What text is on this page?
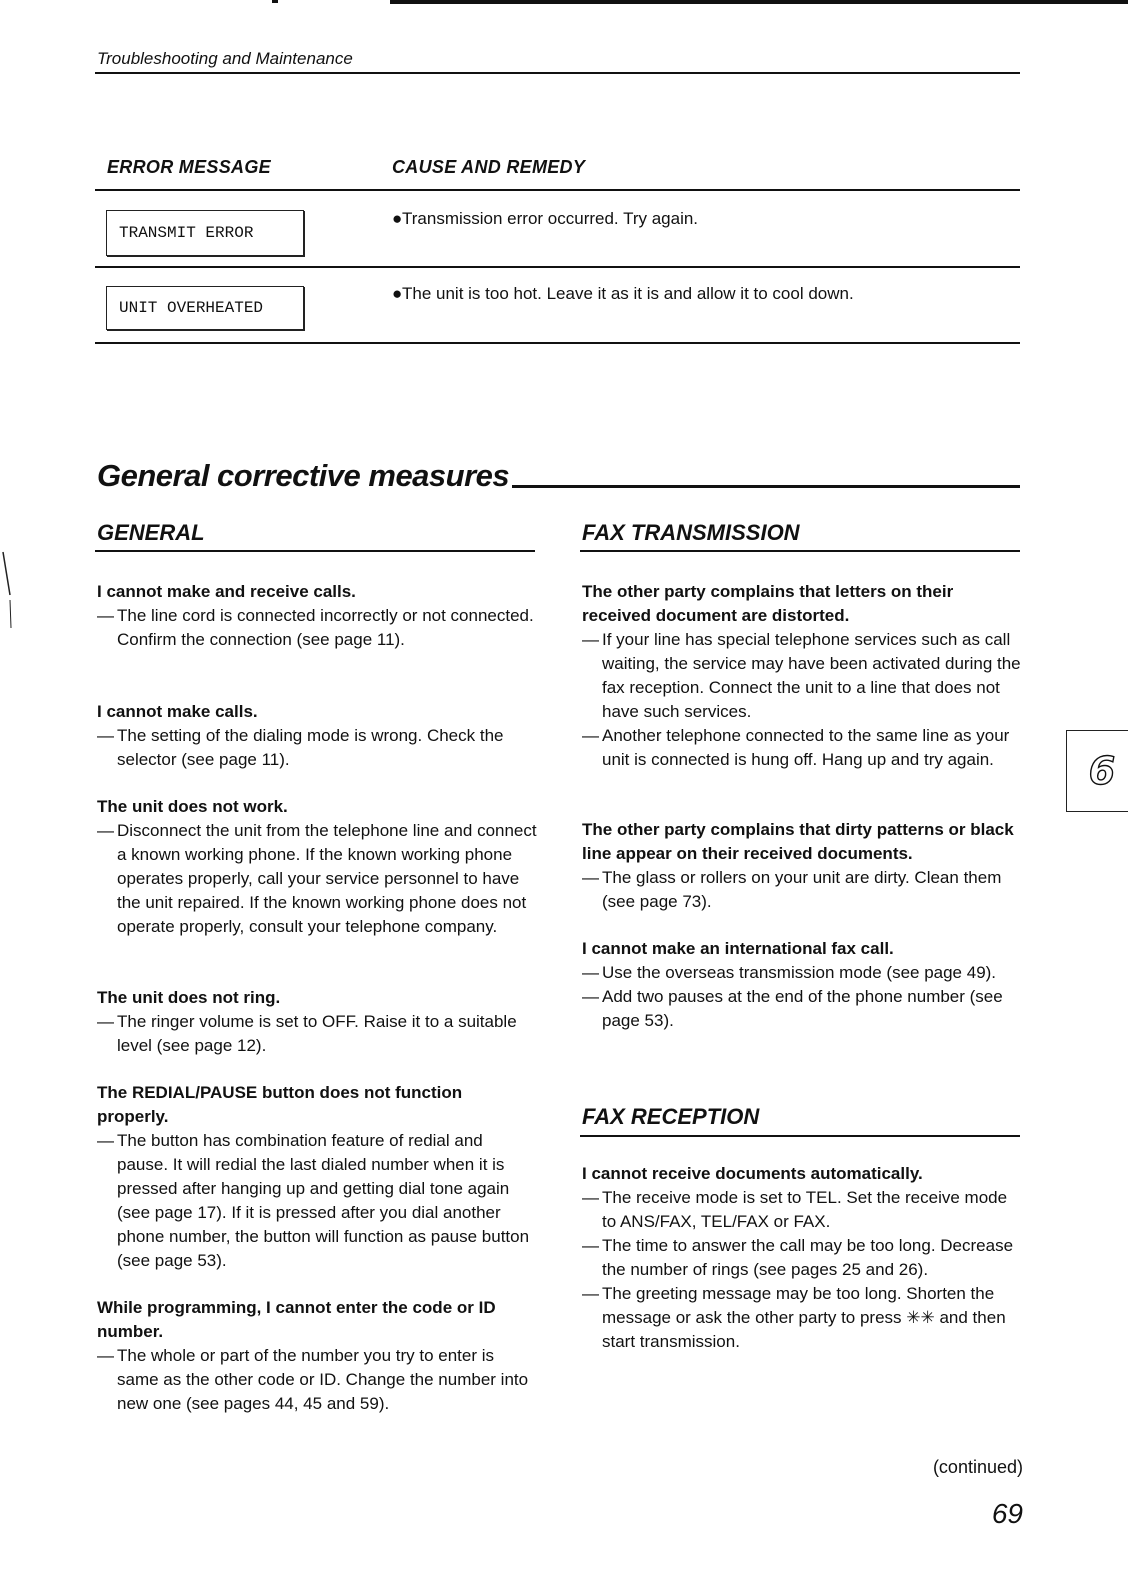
Troubleshooting and Maintenance
ERROR MESSAGE	CAUSE AND REMEDY
TRANSMIT ERROR
●Transmission error occurred. Try again.
UNIT OVERHEATED
●The unit is too hot. Leave it as it is and allow it to cool down.
General corrective measures
GENERAL
I cannot make and receive calls.
— The line cord is connected incorrectly or not connected. Confirm the connection (see page 11).
I cannot make calls.
— The setting of the dialing mode is wrong. Check the selector (see page 11).
The unit does not work.
— Disconnect the unit from the telephone line and connect a known working phone. If the known working phone operates properly, call your service personnel to have the unit repaired. If the known working phone does not operate properly, consult your telephone company.
The unit does not ring.
— The ringer volume is set to OFF. Raise it to a suitable level (see page 12).
The REDIAL/PAUSE button does not function properly.
— The button has combination feature of redial and pause. It will redial the last dialed number when it is pressed after hanging up and getting dial tone again (see page 17). If it is pressed after you dial another phone number, the button will function as pause button (see page 53).
While programming, I cannot enter the code or ID number.
— The whole or part of the number you try to enter is same as the other code or ID. Change the number into new one (see pages 44, 45 and 59).
FAX TRANSMISSION
The other party complains that letters on their received document are distorted.
— If your line has special telephone services such as call waiting, the service may have been activated during the fax reception. Connect the unit to a line that does not have such services.
— Another telephone connected to the same line as your unit is connected is hung off. Hang up and try again.
The other party complains that dirty patterns or black line appear on their received documents.
— The glass or rollers on your unit are dirty. Clean them (see page 73).
I cannot make an international fax call.
— Use the overseas transmission mode (see page 49).
— Add two pauses at the end of the phone number (see page 53).
FAX RECEPTION
I cannot receive documents automatically.
— The receive mode is set to TEL. Set the receive mode to ANS/FAX, TEL/FAX or FAX.
— The time to answer the call may be too long. Decrease the number of rings (see pages 25 and 26).
— The greeting message may be too long. Shorten the message or ask the other party to press ✳✳ and then start transmission.
6
(continued)
69
